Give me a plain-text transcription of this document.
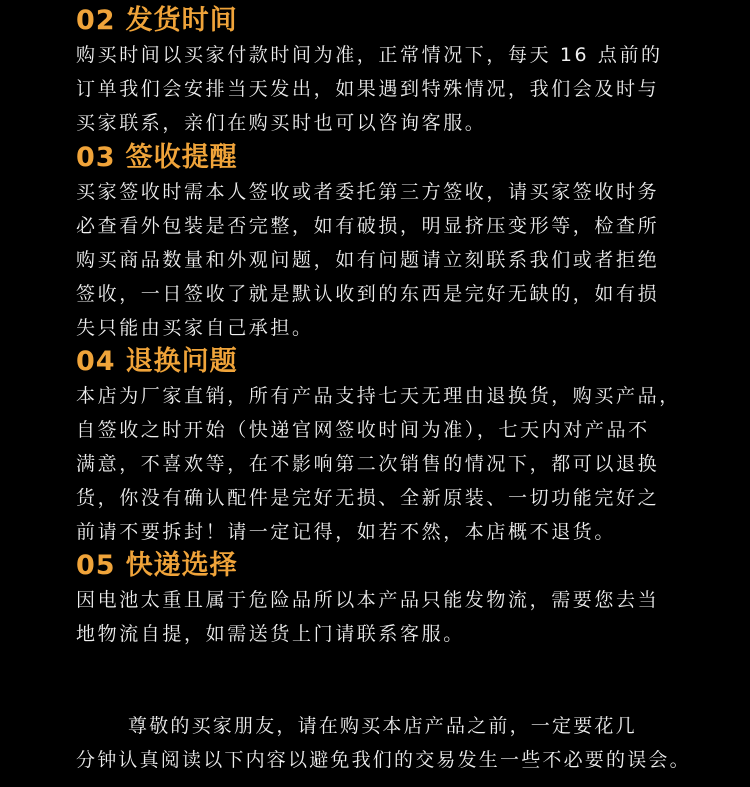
02 发货时间
购买时间以买家付款时间为准，正常情况下，每天 16 点前的
订单我们会安排当天发出，如果遇到特殊情况，我们会及时与
买家联系，亲们在购买时也可以咨询客服。
03 签收提醒
买家签收时需本人签收或者委托第三方签收，请买家签收时务
必查看外包装是否完整，如有破损，明显挤压变形等，检查所
购买商品数量和外观问题，如有问题请立刻联系我们或者拒绝
签收，一日签收了就是默认收到的东西是完好无缺的，如有损
失只能由买家自己承担。
04 退换问题
本店为厂家直销，所有产品支持七天无理由退换货，购买产品，
自签收之时开始（快递官网签收时间为准），七天内对产品不
满意，不喜欢等，在不影响第二次销售的情况下，都可以退换
货，你没有确认配件是完好无损、全新原装、一切功能完好之
前请不要拆封！请一定记得，如若不然，本店概不退货。
05 快递选择
因电池太重且属于危险品所以本产品只能发物流，需要您去当
地物流自提，如需送货上门请联系客服。
尊敬的买家朋友，请在购买本店产品之前，一定要花几
分钟认真阅读以下内容以避免我们的交易发生一些不必要的误会。
